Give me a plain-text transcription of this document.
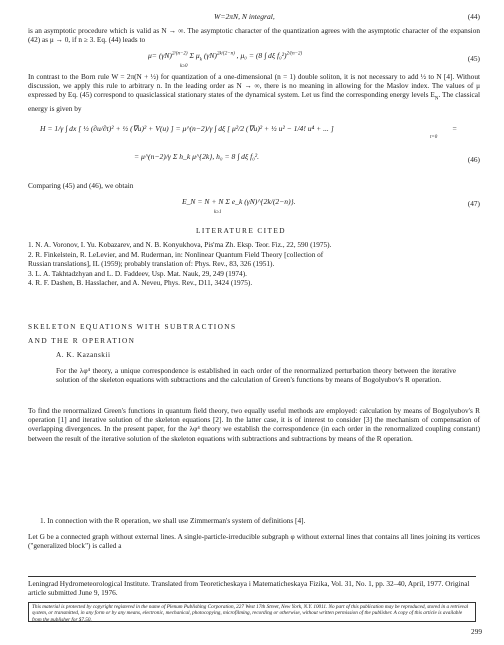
W=2πN, N integral,	(44)
is an asymptotic procedure which is valid as N → ∞. The asymptotic character of the quantization agrees with the asymptotic character of the expansion (42) as μ → 0, if n ≥ 3. Eq. (44) leads to
$\mu= (\gamma N)^{2/(n-2)}$ Σ $\mu_k$ $(\gamma N)^{2k/(2-n)}$ , μ₀ = (8 ∫ dξ f₀²)$^{2/(n-2)}$
k≥0
(45)
In contrast to the Born rule W = 2π(N + ½) for quantization of a one-dimensional (n = 1) double soliton, it is not necessary to add ½ to N [4]. Without discussion, we apply this rule to arbitrary n. In the leading order as N → ∞, there is no meaning in allowing for the Maslov index. The values of μ expressed by Eq. (45) correspond to quasiclassical stationary states of the dynamical system. Let us find the corresponding energy levels $E_N$. The classical energy is given by
H = 1/γ ∫ dx [ ½ (∂u/∂t)² + ½ (∇u)² + V(u) ] = μ^(n−2)/γ ∫ dξ [ μ²/2 (∇u)² + ½ u² − 1/4! u⁴ + ... ]	=
t=0
= μ^(n−2)/γ Σ h_k μ^{2k}, h₀ = 8 ∫ dξ f₀².	(46)
Comparing (45) and (46), we obtain
E_N = N + N Σ e_k (γN)^{2k/(2−n)}.
k≥1
(47)
LITERATURE CITED
1. N. A. Voronov, I. Yu. Kobazarev, and N. B. Konyukhova, Pis'ma Zh. Eksp. Teor. Fiz., 22, 590 (1975).
2. R. Finkelstein, R. LeLevier, and M. Ruderman, in: Nonlinear Quantum Field Theory [collection of
Russian translations], IL (1959); probably translation of: Phys. Rev., 83, 326 (1951).
3. L. A. Takhtadzhyan and L. D. Faddeev, Usp. Mat. Nauk, 29, 249 (1974).
4. R. F. Dashen, B. Hasslacher, and A. Neveu, Phys. Rev., D11, 3424 (1975).
SKELETON EQUATIONS WITH SUBTRACTIONS
AND THE R OPERATION
A. K. Kazanskii
For the λφ⁴ theory, a unique correspondence is established in each order of the renormalized perturbation theory between the iterative solution of the skeleton equations with subtractions and the calculation of Green's functions by means of Bogolyubov's R operation.
To find the renormalized Green's functions in quantum field theory, two equally useful methods are employed: calculation by means of Bogolyubov's R operation [1] and iterative solution of the skeleton equations [2]. In the latter case, it is of interest to consider [3] the mechanism of compensation of overlapping divergences. In the present paper, for the λφ⁴ theory we establish the correspondence (in each order in the renormalized coupling constant) between the result of the iterative solution of the skeleton equations with subtractions and subtractions by means of the R operation.
1. In connection with the R operation, we shall use Zimmerman's system of definitions [4].
Let G be a connected graph without external lines. A single-particle-irreducible subgraph φ without external lines that contains all lines joining its vertices ("generalized block") is called a
Leningrad Hydrometeorological Institute. Translated from Teoreticheskaya i Matematicheskaya Fizika, Vol. 31, No. 1, pp. 32–40, April, 1977. Original article submitted June 9, 1976.
This material is protected by copyright registered in the name of Plenum Publishing Corporation, 227 West 17th Street, New York, N.Y. 10011. No part of this publication may be reproduced, stored in a retrieval system, or transmitted, in any form or by any means, electronic, mechanical, photocopying, microfilming, recording or otherwise, without written permission of the publisher. A copy of this article is available from the publisher for $7.50.
299
